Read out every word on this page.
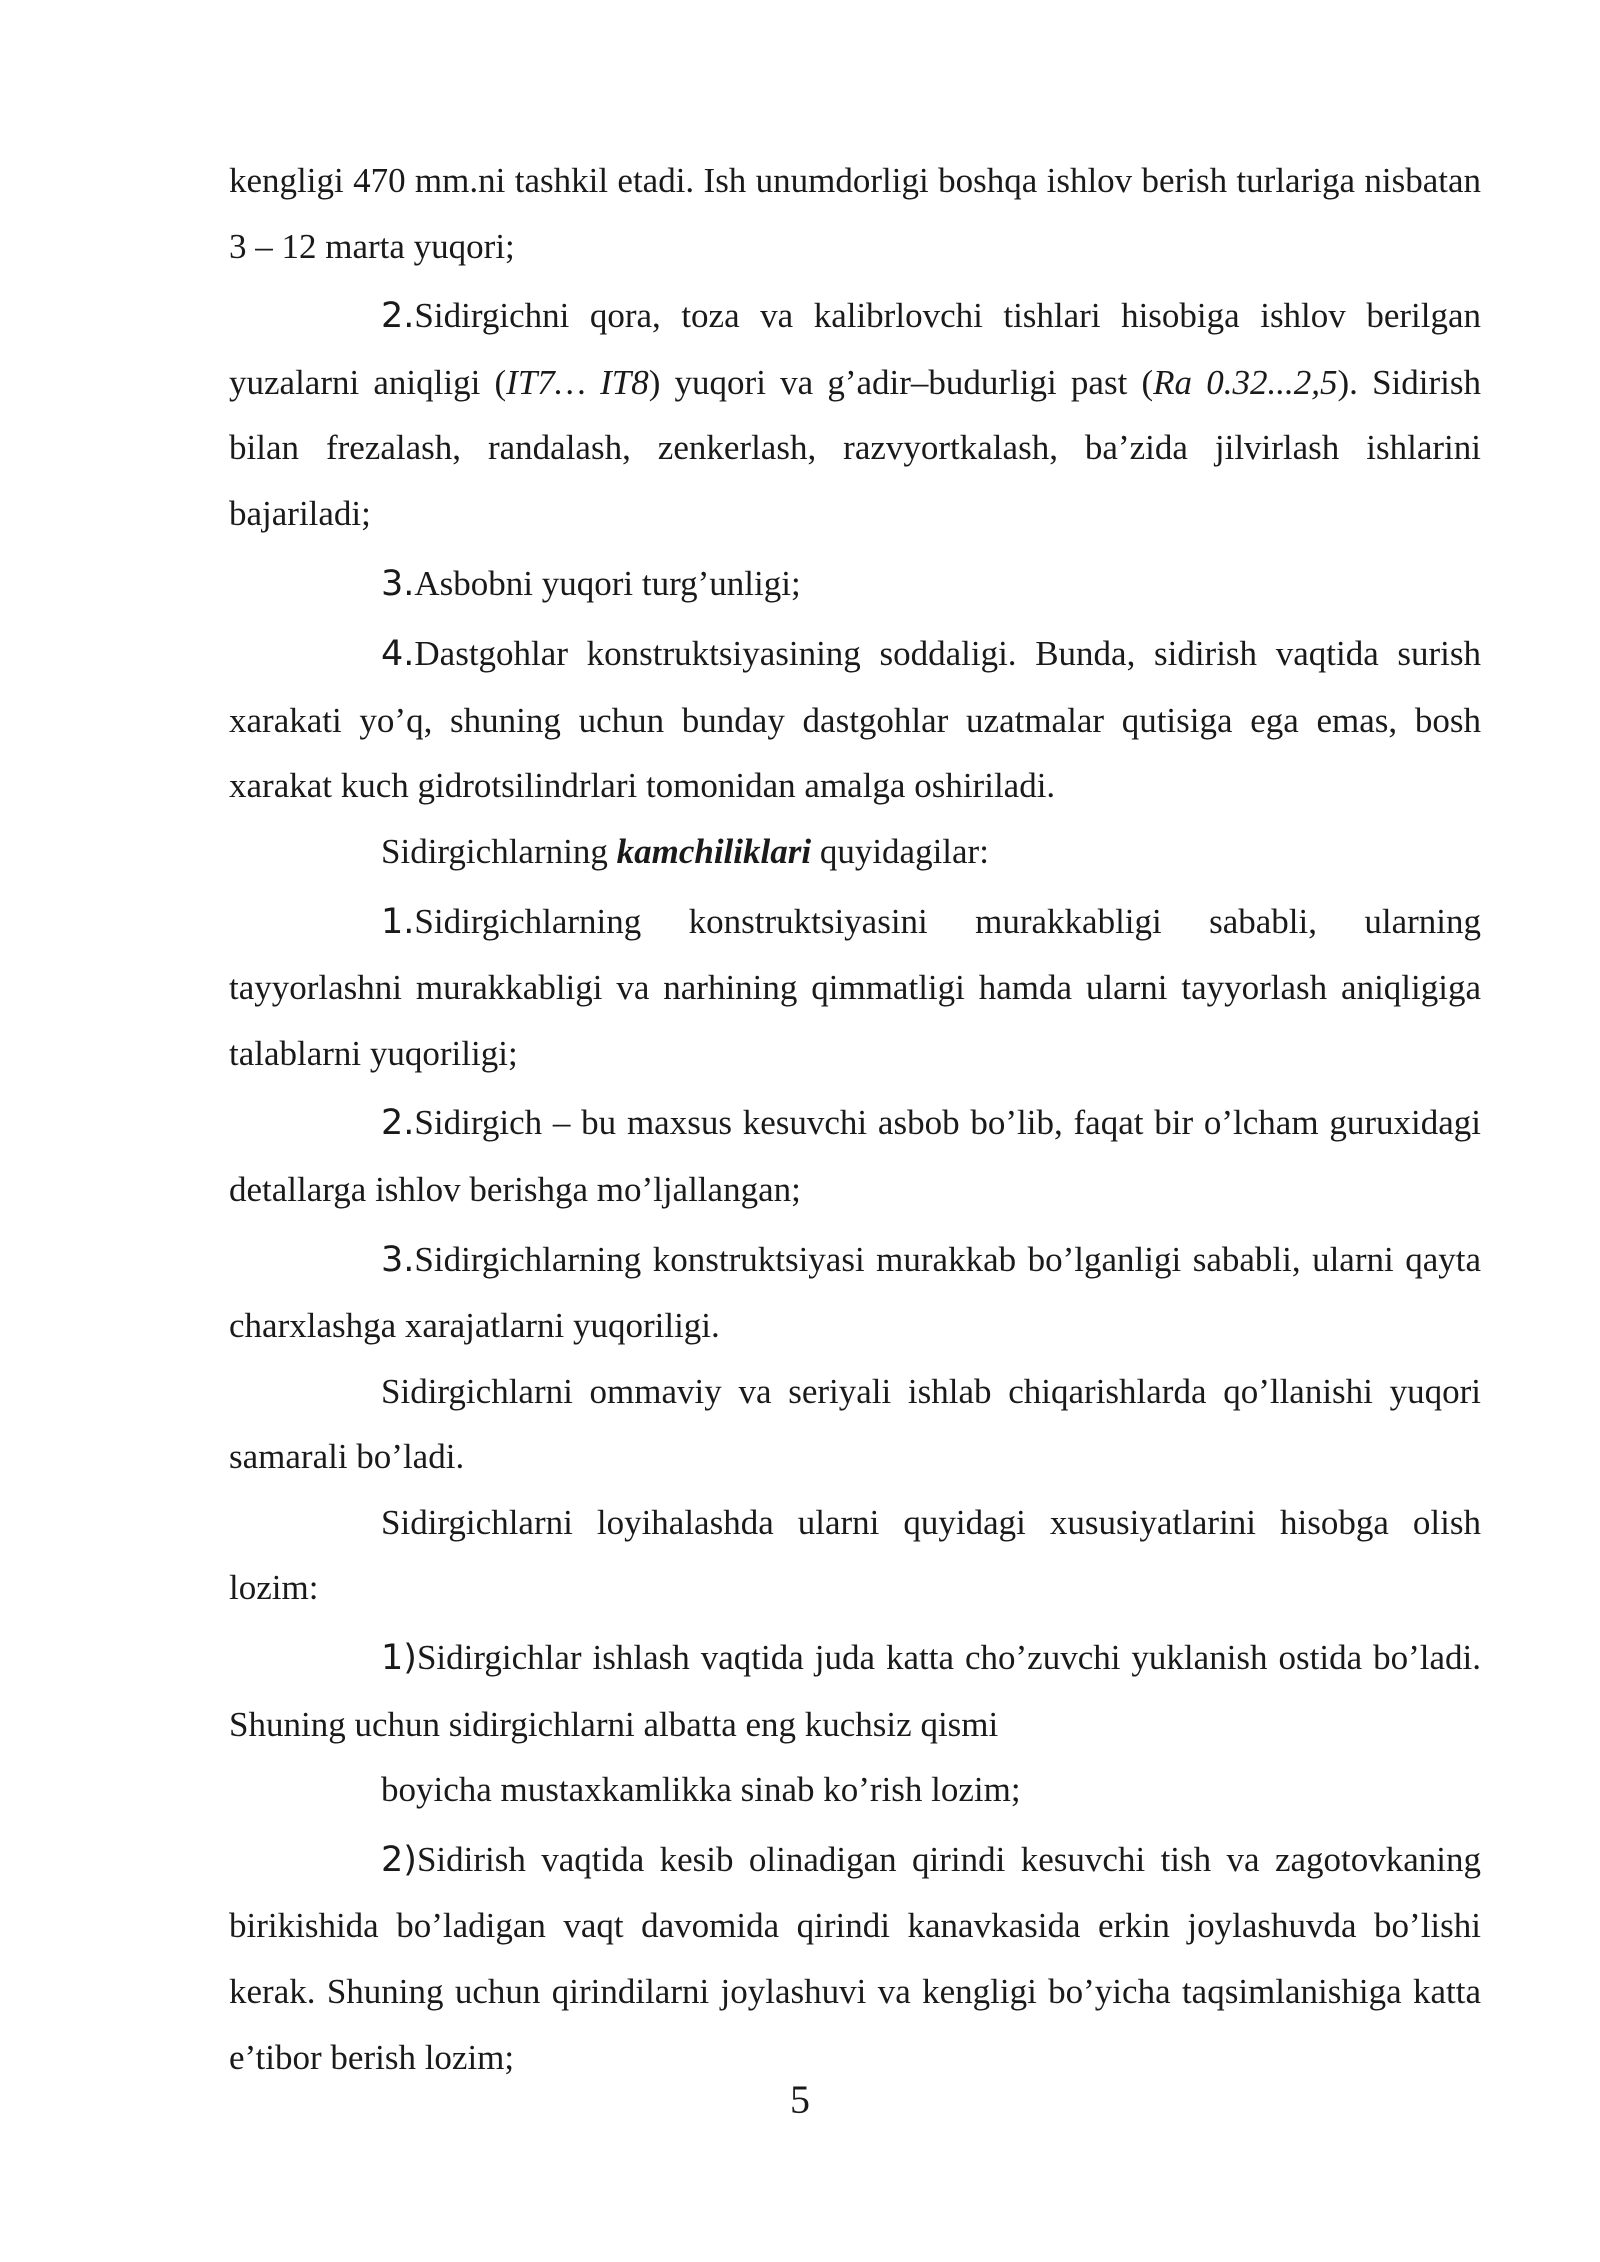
kengligi 470 mm.ni tashkil etadi. Ish unumdorligi boshqa ishlov berish turlariga nisbatan 3 – 12 marta yuqori;

2.Sidirgichni qora, toza va kalibrlovchi tishlari hisobiga ishlov berilgan yuzalarni aniqligi (IT7… IT8) yuqori va g’adir–budurligi past (Ra 0.32...2,5). Sidirish bilan frezalash, randalash, zenkerlash, razvyortkalash, ba’zida jilvirlash ishlarini bajariladi;

3.Asbobni yuqori turg’unligi;

4.Dastgohlar konstruktsiyasining soddaligi. Bunda, sidirish vaqtida surish xarakati yo’q, shuning uchun bunday dastgohlar uzatmalar qutisiga ega emas, bosh xarakat kuch gidrotsilindrlari tomonidan amalga oshiriladi.

Sidirgichlarning kamchiliklari quyidagilar:

1.Sidirgichlarning konstruktsiyasini murakkabligi sababli, ularning tayyorlashni murakkabligi va narhining qimmatligi hamda ularni tayyorlash aniqligiga talablarni yuqoriligi;

2.Sidirgich – bu maxsus kesuvchi asbob bo’lib, faqat bir o’lcham guruxidagi detallarga ishlov berishga mo’ljallangan;

3.Sidirgichlarning konstruktsiyasi murakkab bo’lganligi sababli, ularni qayta charxlashga xarajatlarni yuqoriligi.

Sidirgichlarni ommaviy va seriyali ishlab chiqarishlarda qo’llanishi yuqori samarali bo’ladi.

Sidirgichlarni loyihalashda ularni quyidagi xususiyatlarini hisobga olish lozim:

1)Sidirgichlar ishlash vaqtida juda katta cho’zuvchi yuklanish ostida bo’ladi. Shuning uchun sidirgichlarni albatta eng kuchsiz qismi

boyicha mustaxkamlikka sinab ko’rish lozim;

2)Sidirish vaqtida kesib olinadigan qirindi kesuvchi tish va zagotovkaning birikishida bo’ladigan vaqt davomida qirindi kanavkasida erkin joylashuvda bo’lishi kerak. Shuning uchun qirindilarni joylashuvi va kengligi bo’yicha taqsimlanishiga katta e’tibor berish lozim;

5
